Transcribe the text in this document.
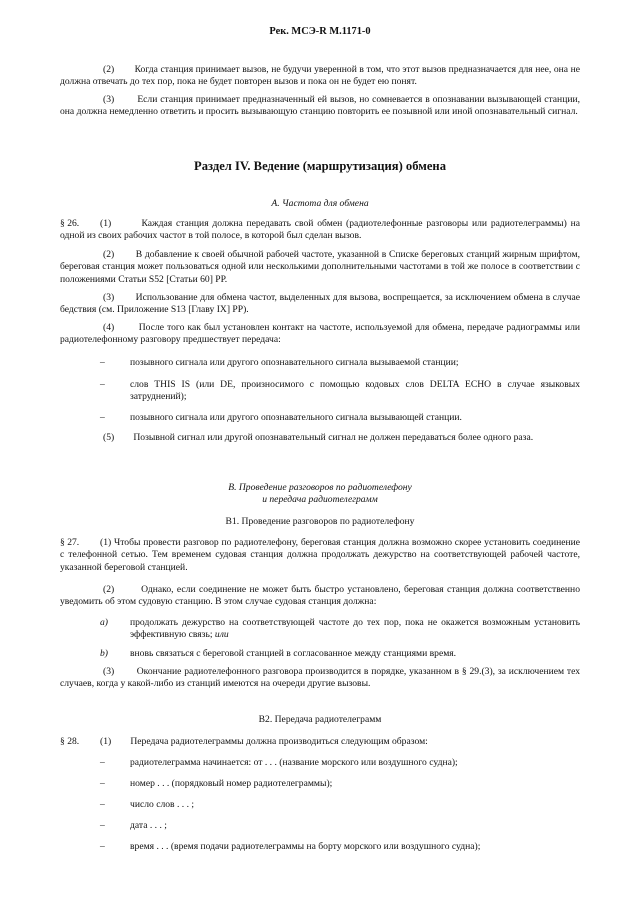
Рек. МСЭ-R M.1171-0
(2)        Когда станция принимает вызов, не будучи уверенной в том, что этот вызов предназначается для нее, она не должна отвечать до тех пор, пока не будет повторен вызов и пока он не будет ею понят.
(3)        Если станция принимает предназначенный ей вызов, но сомневается в опознавании вызывающей станции, она должна немедленно ответить и просить вызывающую станцию повторить ее позывной или иной опознавательный сигнал.
Раздел IV. Ведение (маршрутизация) обмена
A. Частота для обмена
§ 26. (1)        Каждая станция должна передавать свой обмен (радиотелефонные разговоры или радиотелеграммы) на одной из своих рабочих частот в той полосе, в которой был сделан вызов.
(2)        В добавление к своей обычной рабочей частоте, указанной в Списке береговых станций жирным шрифтом, береговая станция может пользоваться одной или несколькими дополнительными частотами в той же полосе в соответствии с положениями Статьи S52 [Статьи 60] РР.
(3)        Использование для обмена частот, выделенных для вызова, воспрещается, за исключением обмена в случае бедствия (см. Приложение S13 [Главу IX] РР).
(4)        После того как был установлен контакт на частоте, используемой для обмена, передаче радиограммы или радиотелефонному разговору предшествует передача:
–	позывного сигнала или другого опознавательного сигнала вызываемой станции;
–	слов THIS IS (или DE, произносимого с помощью кодовых слов DELTA ECHO в случае языковых затруднений);
–	позывного сигнала или другого опознавательного сигнала вызывающей станции.
(5)        Позывной сигнал или другой опознавательный сигнал не должен передаваться более одного раза.
B. Проведение разговоров по радиотелефону
и передача радиотелеграмм
B1. Проведение разговоров по радиотелефону
§ 27. (1) Чтобы провести разговор по радиотелефону, береговая станция должна возможно скорее установить соединение с телефонной сетью. Тем временем судовая станция должна продолжать дежурство на соответствующей рабочей частоте, указанной береговой станцией.
(2)        Однако, если соединение не может быть быстро установлено, береговая станция должна соответственно уведомить об этом судовую станцию. В этом случае судовая станция должна:
a) продолжать дежурство на соответствующей частоте до тех пор, пока не окажется возможным установить эффективную связь; или
b) вновь связаться с береговой станцией в согласованное между станциями время.
(3)        Окончание радиотелефонного разговора производится в порядке, указанном в § 29.(3), за исключением тех случаев, когда у какой-либо из станций имеются на очереди другие вызовы.
B2. Передача радиотелеграмм
§ 28. (1)        Передача радиотелеграммы должна производиться следующим образом:
–	радиотелеграмма начинается: от . . . (название морского или воздушного судна);
–	номер . . . (порядковый номер радиотелеграммы);
–	число слов . . . ;
–	дата . . . ;
–	время . . . (время подачи радиотелеграммы на борту морского или воздушного судна);
